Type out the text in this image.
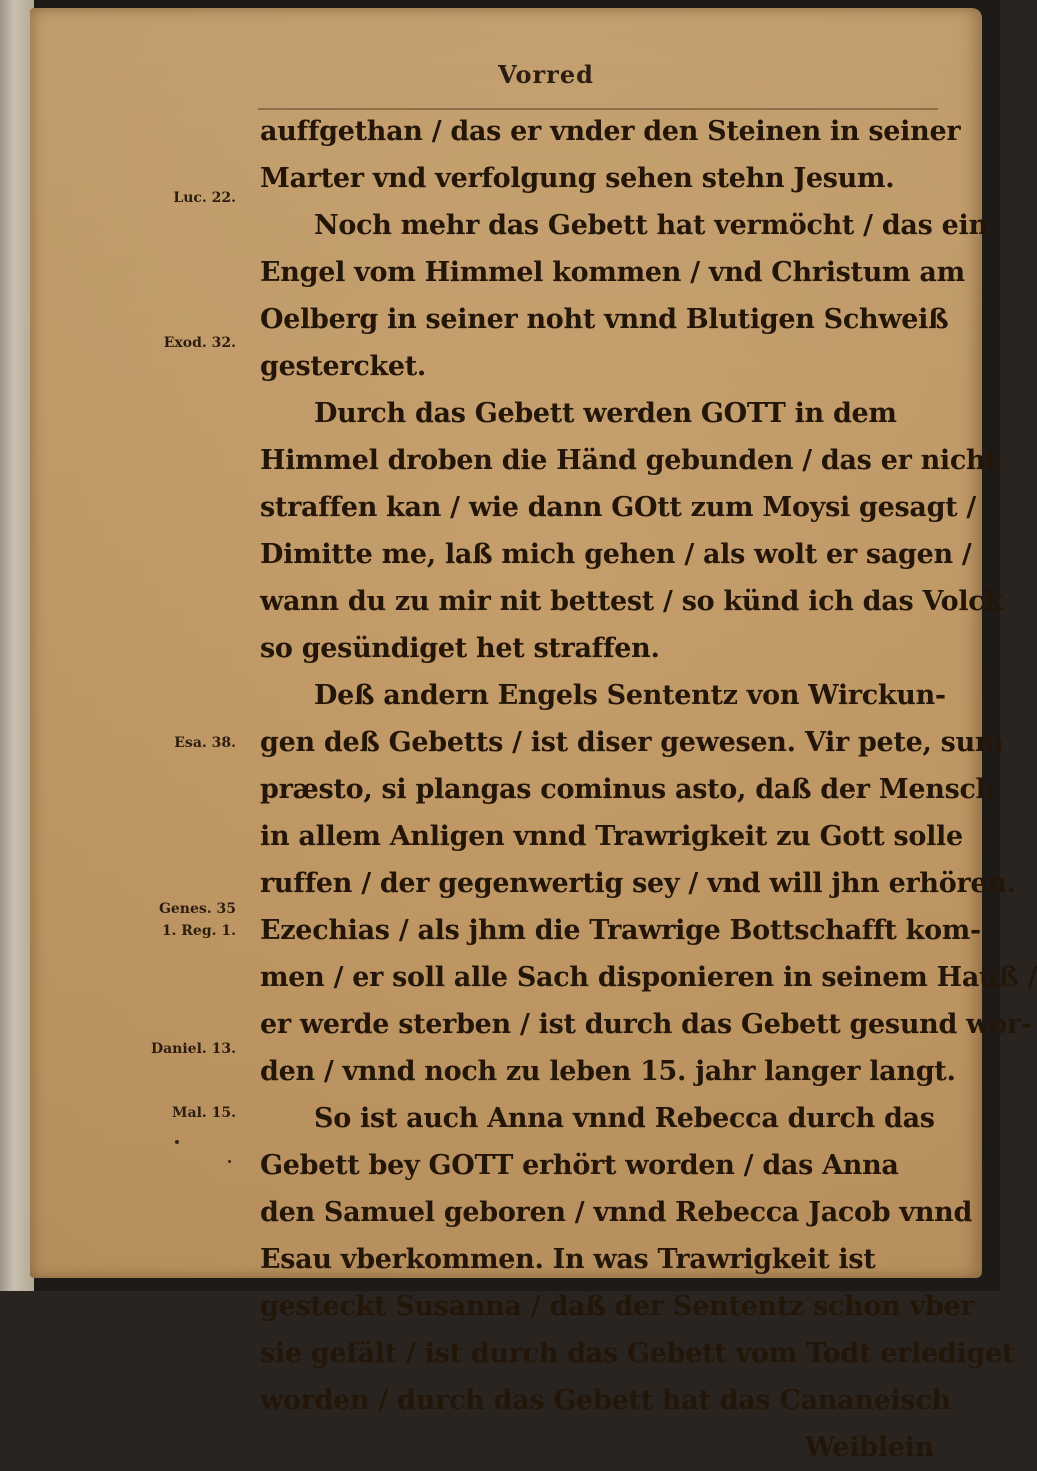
Vorred
auffgethan / das er vnder den Steinen in seiner
Marter vnd verfolgung sehen stehn Jesum.
Noch mehr das Gebett hat vermöcht / das ein
Engel vom Himmel kommen / vnd Christum am
Oelberg in seiner noht vnnd Blutigen Schweiß
gestercket.
Durch das Gebett werden GOTT in dem
Himmel droben die Händ gebunden / das er nicht
straffen kan / wie dann GOtt zum Moysi gesagt /
Dimitte me, laß mich gehen / als wolt er sagen /
wann du zu mir nit bettest / so künd ich das Volck
so gesündiget het straffen.
Deß andern Engels Sententz von Wirckun-
gen deß Gebetts / ist diser gewesen. Vir pete, sum
præsto, si plangas cominus asto, daß der Mensch
in allem Anligen vnnd Trawrigkeit zu Gott solle
ruffen / der gegenwertig sey / vnd will jhn erhören.
Ezechias / als jhm die Trawrige Bottschafft kom-
men / er soll alle Sach disponieren in seinem Hauß /
er werde sterben / ist durch das Gebett gesund wor-
den / vnnd noch zu leben 15. jahr langer langt.
So ist auch Anna vnnd Rebecca durch das
Gebett bey GOTT erhört worden / das Anna
den Samuel geboren / vnnd Rebecca Jacob vnnd
Esau vberkommen. In was Trawrigkeit ist
gesteckt Susanna / daß der Sententz schon vber
sie gefält / ist durch das Gebett vom Todt erlediget
worden / durch das Gebett hat das Cananeisch
Weiblein
Luc. 22.
Exod. 32.
Esa. 38.
Genes. 35
1. Reg. 1.
Daniel. 13.
Mal. 15.
